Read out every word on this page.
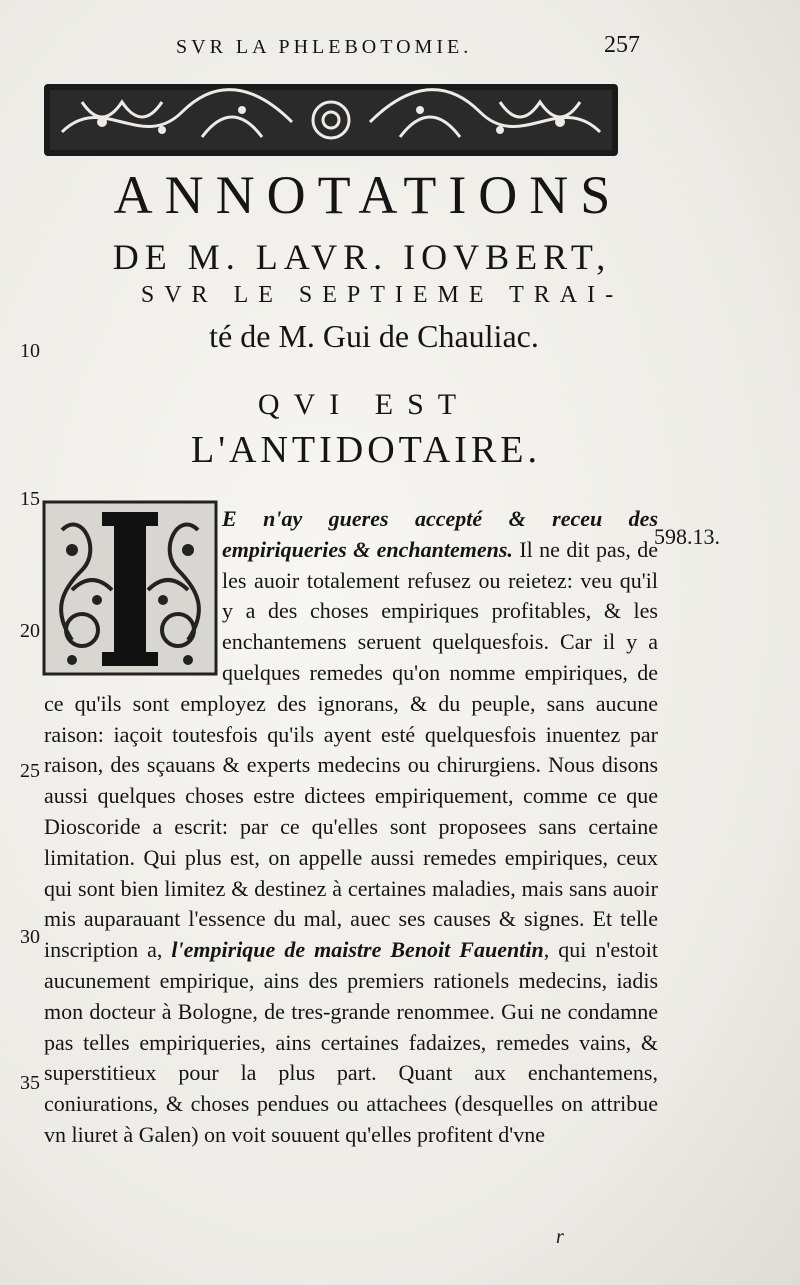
SVR LA PHLEBOTOMIE.	257
ANNOTATIONS
DE M. LAVR. IOVBERT,
SVR LE SEPTIEME TRAI-
té de M. Gui de Chauliac.
QVI EST
L'ANTIDOTAIRE.
10
15
20
25
30
35
598.13.
E n'ay gueres accepté & receu des empiriqueries & enchantemens. Il ne dit pas, de les auoir totalement refusez ou reietez: veu qu'il y a des choses empiriques profitables, & les enchantemens seruent quelquesfois. Car il y a quelques remedes qu'on nomme empiriques, de ce qu'ils sont employez des ignorans, & du peuple, sans aucune raison: iaçoit toutesfois qu'ils ayent esté quelquesfois inuentez par raison, des sçauans & experts medecins ou chirurgiens. Nous disons aussi quelques choses estre dictees empiriquement, comme ce que Dioscoride a escrit: par ce qu'elles sont proposees sans certaine limitation. Qui plus est, on appelle aussi remedes empiriques, ceux qui sont bien limitez & destinez à certaines maladies, mais sans auoir mis auparauant l'essence du mal, auec ses causes & signes. Et telle inscription a, l'empirique de maistre Benoit Fauentin, qui n'estoit aucunement empirique, ains des premiers rationels medecins, iadis mon docteur à Bologne, de tres-grande renommee. Gui ne condamne pas telles empiriqueries, ains certaines fadaizes, remedes vains, & superstitieux pour la plus part. Quant aux enchantemens, coniurations, & choses pendues ou attachees (desquelles on attribue vn liuret à Galen) on voit souuent qu'elles profitent d'vne
r
